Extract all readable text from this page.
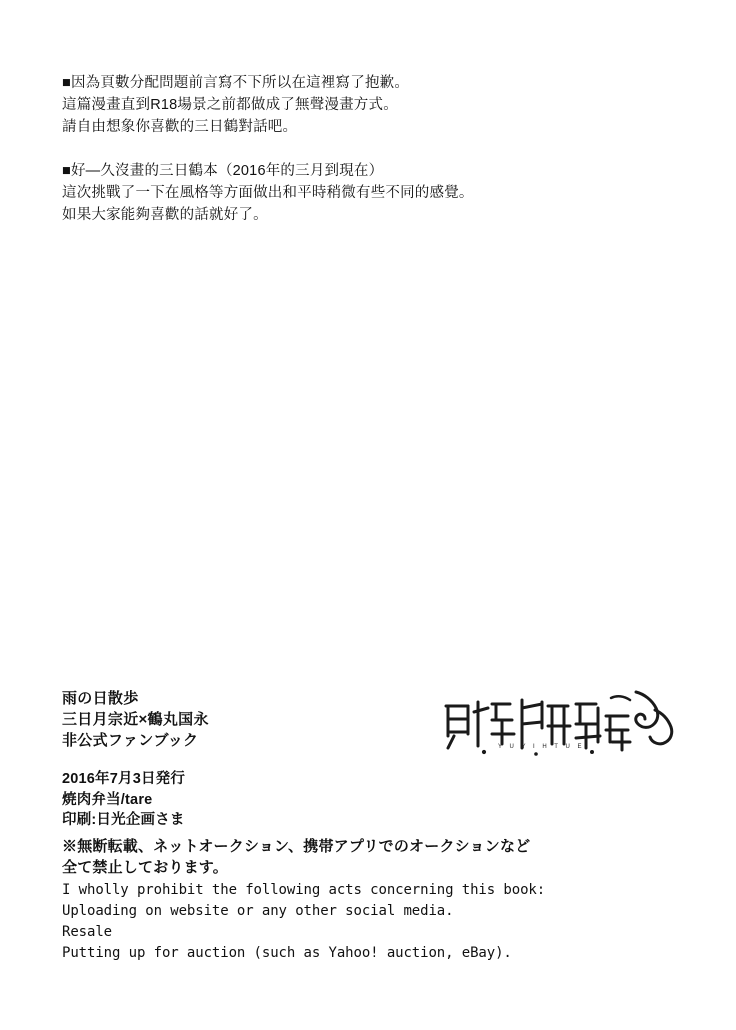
■因為頁數分配問題前言寫不下所以在這裡寫了抱歉。
這篇漫畫直到R18場景之前都做成了無聲漫畫方式。
請自由想象你喜歡的三日鶴對話吧。
■好—久沒畫的三日鶴本（2016年的三月到現在）
這次挑戰了一下在風格等方面做出和平時稍微有些不同的感覺。
如果大家能夠喜歡的話就好了。
雨の日散歩
三日月宗近×鶴丸国永
非公式ファンブック
2016年7月3日発行
焼肉弁当/tare
印刷:日光企画さま
Y U Y I H T U E
※無断転載、ネットオークション、携帯アプリでのオークションなど
全て禁止しております。
I wholly prohibit the following acts concerning this book:
Uploading on website or any other social media.
Resale
Putting up for auction (such as Yahoo! auction, eBay).
